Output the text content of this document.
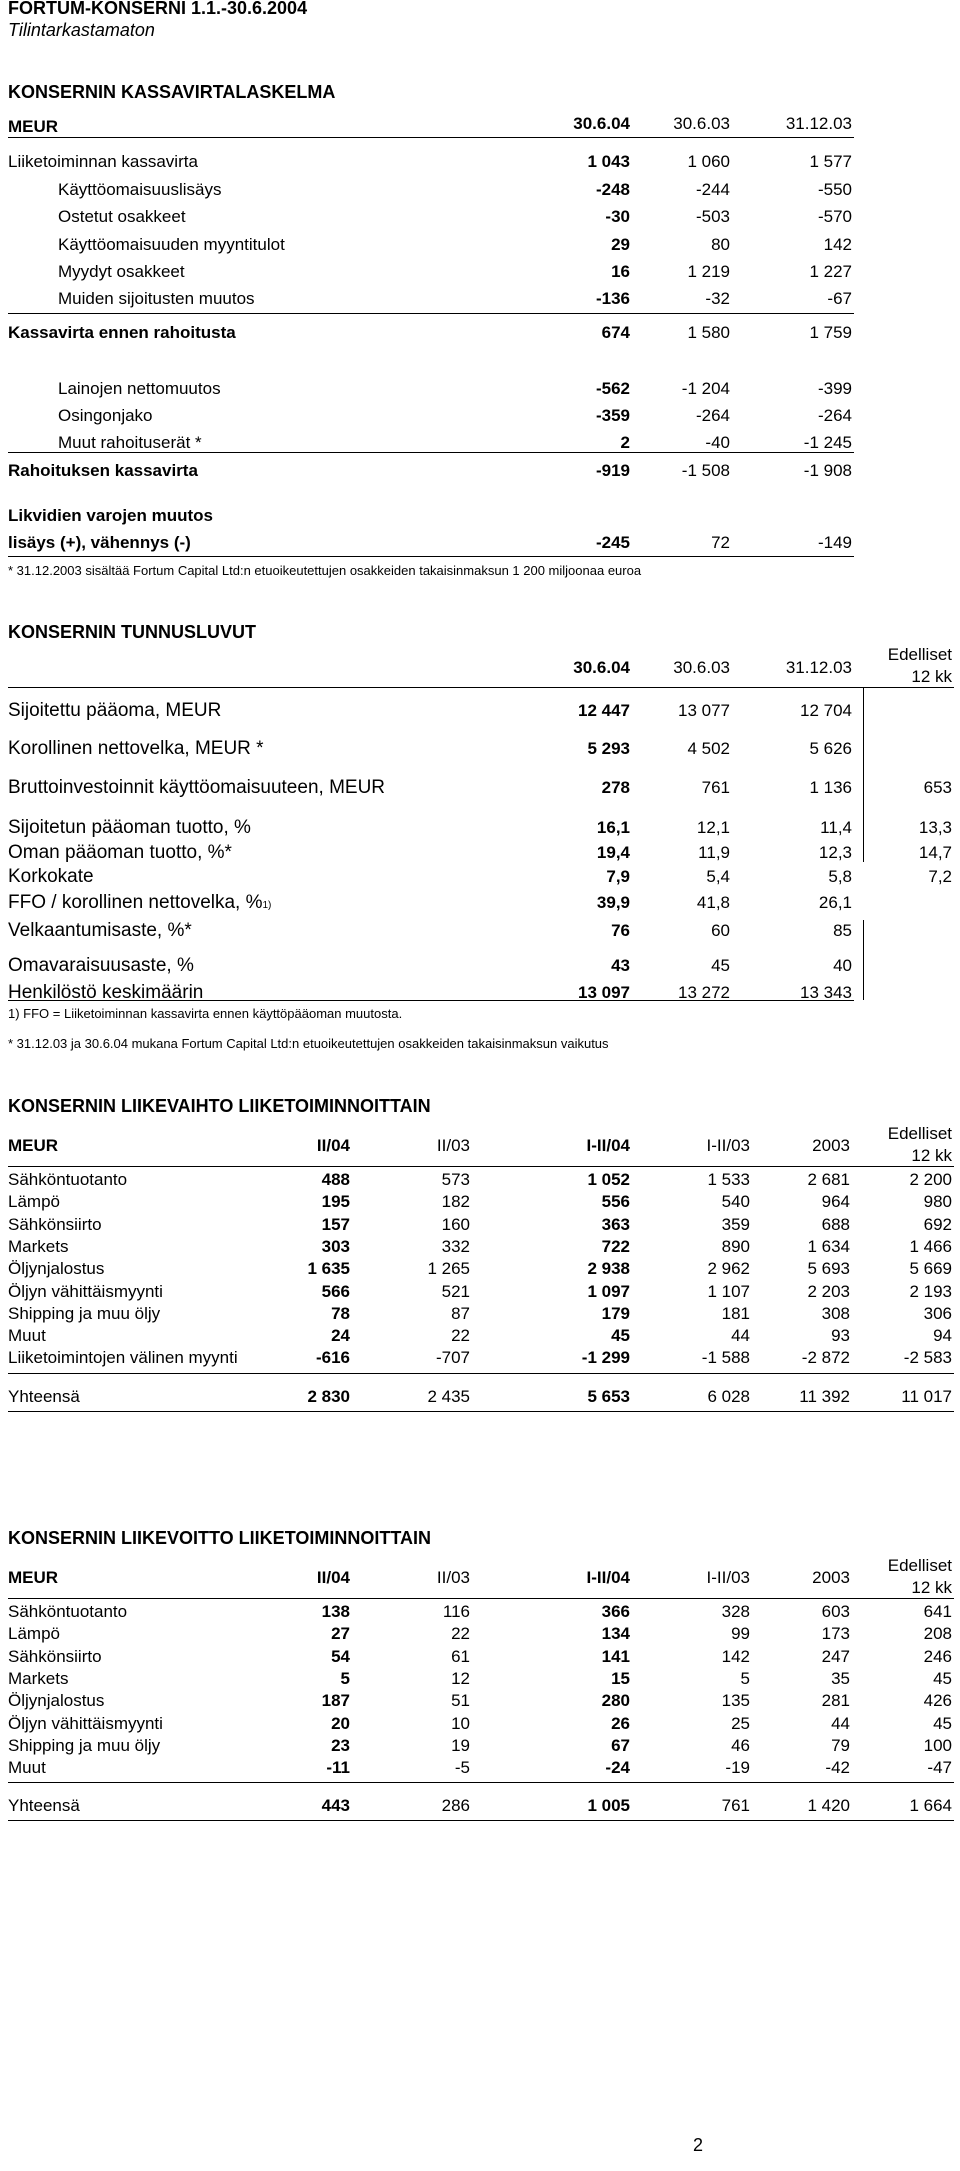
FORTUM-KONSERNI 1.1.-30.6.2004
Tilintarkastamaton
KONSERNIN KASSAVIRTALASKELMA
MEUR	30.6.04	30.6.03	31.12.03
Liiketoiminnan kassavirta	1 043	1 060	1 577
Käyttöomaisuuslisäys	-248	-244	-550
Ostetut osakkeet	-30	-503	-570
Käyttöomaisuuden myyntitulot	29	80	142
Myydyt osakkeet	16	1 219	1 227
Muiden sijoitusten muutos	-136	-32	-67
Kassavirta ennen rahoitusta	674	1 580	1 759
Lainojen nettomuutos	-562	-1 204	-399
Osingonjako	-359	-264	-264
Muut rahoituserät *	2	-40	-1 245
Rahoituksen kassavirta	-919	-1 508	-1 908
Likvidien varojen muutos
lisäys (+), vähennys (-)	-245	72	-149
* 31.12.2003 sisältää Fortum Capital Ltd:n etuoikeutettujen osakkeiden takaisinmaksun 1 200 miljoonaa euroa
KONSERNIN TUNNUSLUVUT
30.6.04	30.6.03	31.12.03
Edelliset
12 kk
Sijoitettu pääoma, MEUR	12 447	13 077	12 704
Korollinen nettovelka, MEUR *	5 293	4 502	5 626
Bruttoinvestoinnit käyttöomaisuuteen, MEUR	278	761	1 136	653
Sijoitetun pääoman tuotto, %	16,1	12,1	11,4	13,3
Oman pääoman tuotto, %*	19,4	11,9	12,3	14,7
Korkokate	7,9	5,4	5,8	7,2
FFO / korollinen nettovelka, %1)	39,9	41,8	26,1
Velkaantumisaste, %*	76	60	85
Omavaraisuusaste, %	43	45	40
Henkilöstö keskimäärin	13 097	13 272	13 343
1) FFO = Liiketoiminnan kassavirta ennen käyttöpääoman muutosta.
* 31.12.03 ja 30.6.04 mukana Fortum Capital Ltd:n etuoikeutettujen osakkeiden takaisinmaksun vaikutus
KONSERNIN LIIKEVAIHTO LIIKETOIMINNOITTAIN
MEUR	II/04	II/03	I-II/04	I-II/03	2003
Edelliset
12 kk
Sähköntuotanto	488	573	1 052	1 533	2 681	2 200
Lämpö	195	182	556	540	964	980
Sähkönsiirto	157	160	363	359	688	692
Markets	303	332	722	890	1 634	1 466
Öljynjalostus	1 635	1 265	2 938	2 962	5 693	5 669
Öljyn vähittäismyynti	566	521	1 097	1 107	2 203	2 193
Shipping ja muu öljy	78	87	179	181	308	306
Muut	24	22	45	44	93	94
Liiketoimintojen välinen myynti	-616	-707	-1 299	-1 588	-2 872	-2 583
Yhteensä	2 830	2 435	5 653	6 028	11 392	11 017
KONSERNIN LIIKEVOITTO LIIKETOIMINNOITTAIN
MEUR	II/04	II/03	I-II/04	I-II/03	2003
Edelliset
12 kk
Sähköntuotanto	138	116	366	328	603	641
Lämpö	27	22	134	99	173	208
Sähkönsiirto	54	61	141	142	247	246
Markets	5	12	15	5	35	45
Öljynjalostus	187	51	280	135	281	426
Öljyn vähittäismyynti	20	10	26	25	44	45
Shipping ja muu öljy	23	19	67	46	79	100
Muut	-11	-5	-24	-19	-42	-47
Yhteensä	443	286	1 005	761	1 420	1 664
2
